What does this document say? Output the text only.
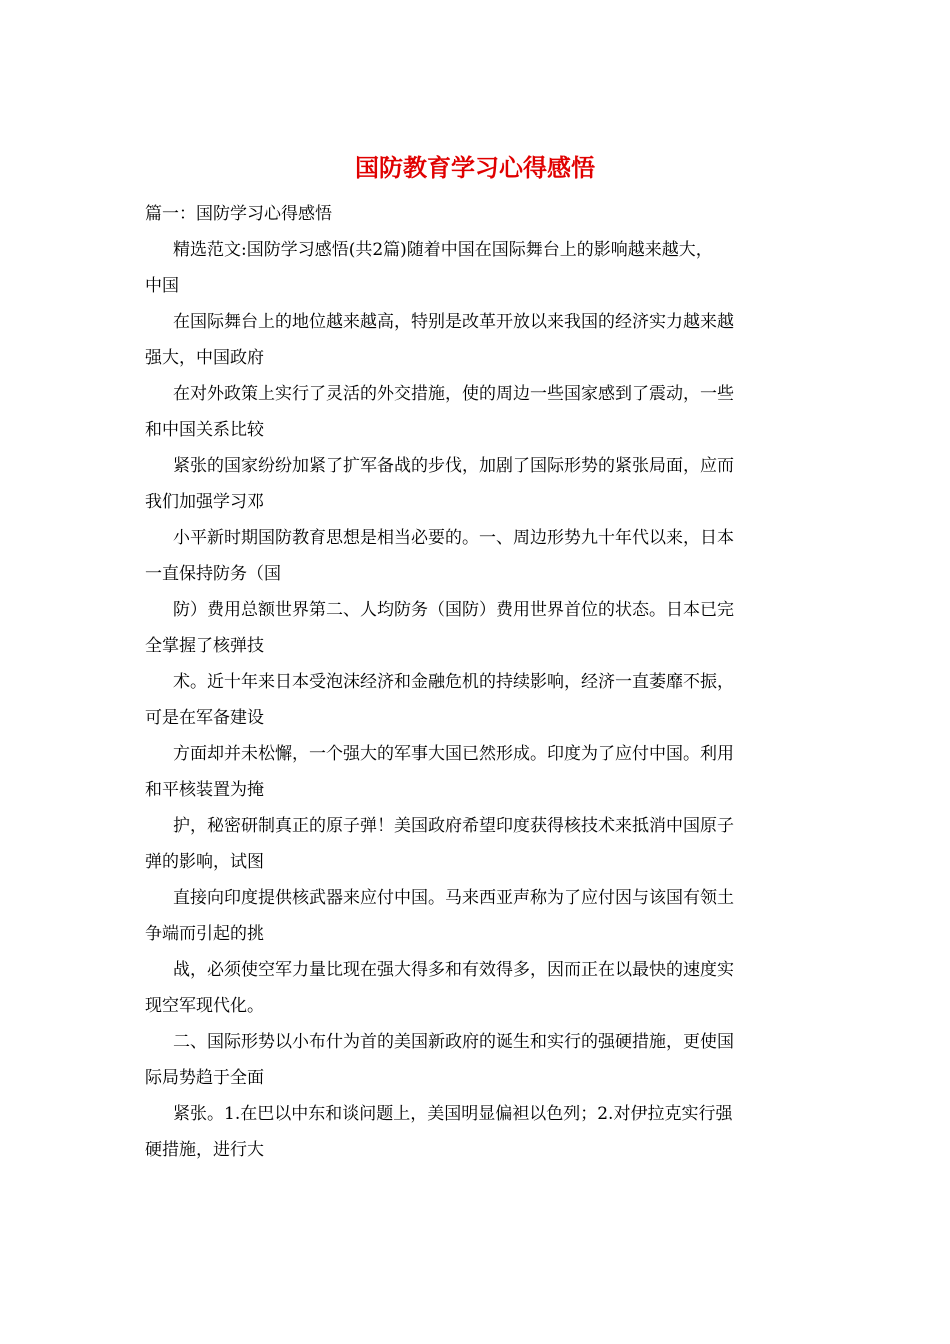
国防教育学习心得感悟

篇一：国防学习心得感悟

精选范文:国防学习感悟(共2篇)随着中国在国际舞台上的影响越来越大，

中国

在国际舞台上的地位越来越高，特别是改革开放以来我国的经济实力越来越

强大，中国政府

在对外政策上实行了灵活的外交措施，使的周边一些国家感到了震动，一些

和中国关系比较

紧张的国家纷纷加紧了扩军备战的步伐，加剧了国际形势的紧张局面，应而

我们加强学习邓

小平新时期国防教育思想是相当必要的。一、周边形势九十年代以来，日本

一直保持防务（国

防）费用总额世界第二、人均防务（国防）费用世界首位的状态。日本已完

全掌握了核弹技

术。近十年来日本受泡沫经济和金融危机的持续影响，经济一直萎靡不振，

可是在军备建设

方面却并未松懈，一个强大的军事大国已然形成。印度为了应付中国。利用

和平核装置为掩

护，秘密研制真正的原子弹！美国政府希望印度获得核技术来抵消中国原子

弹的影响，试图

直接向印度提供核武器来应付中国。马来西亚声称为了应付因与该国有领土

争端而引起的挑

战，必须使空军力量比现在强大得多和有效得多，因而正在以最快的速度实

现空军现代化。

二、国际形势以小布什为首的美国新政府的诞生和实行的强硬措施，更使国

际局势趋于全面

紧张。1.在巴以中东和谈问题上，美国明显偏袒以色列；2.对伊拉克实行强

硬措施，进行大
